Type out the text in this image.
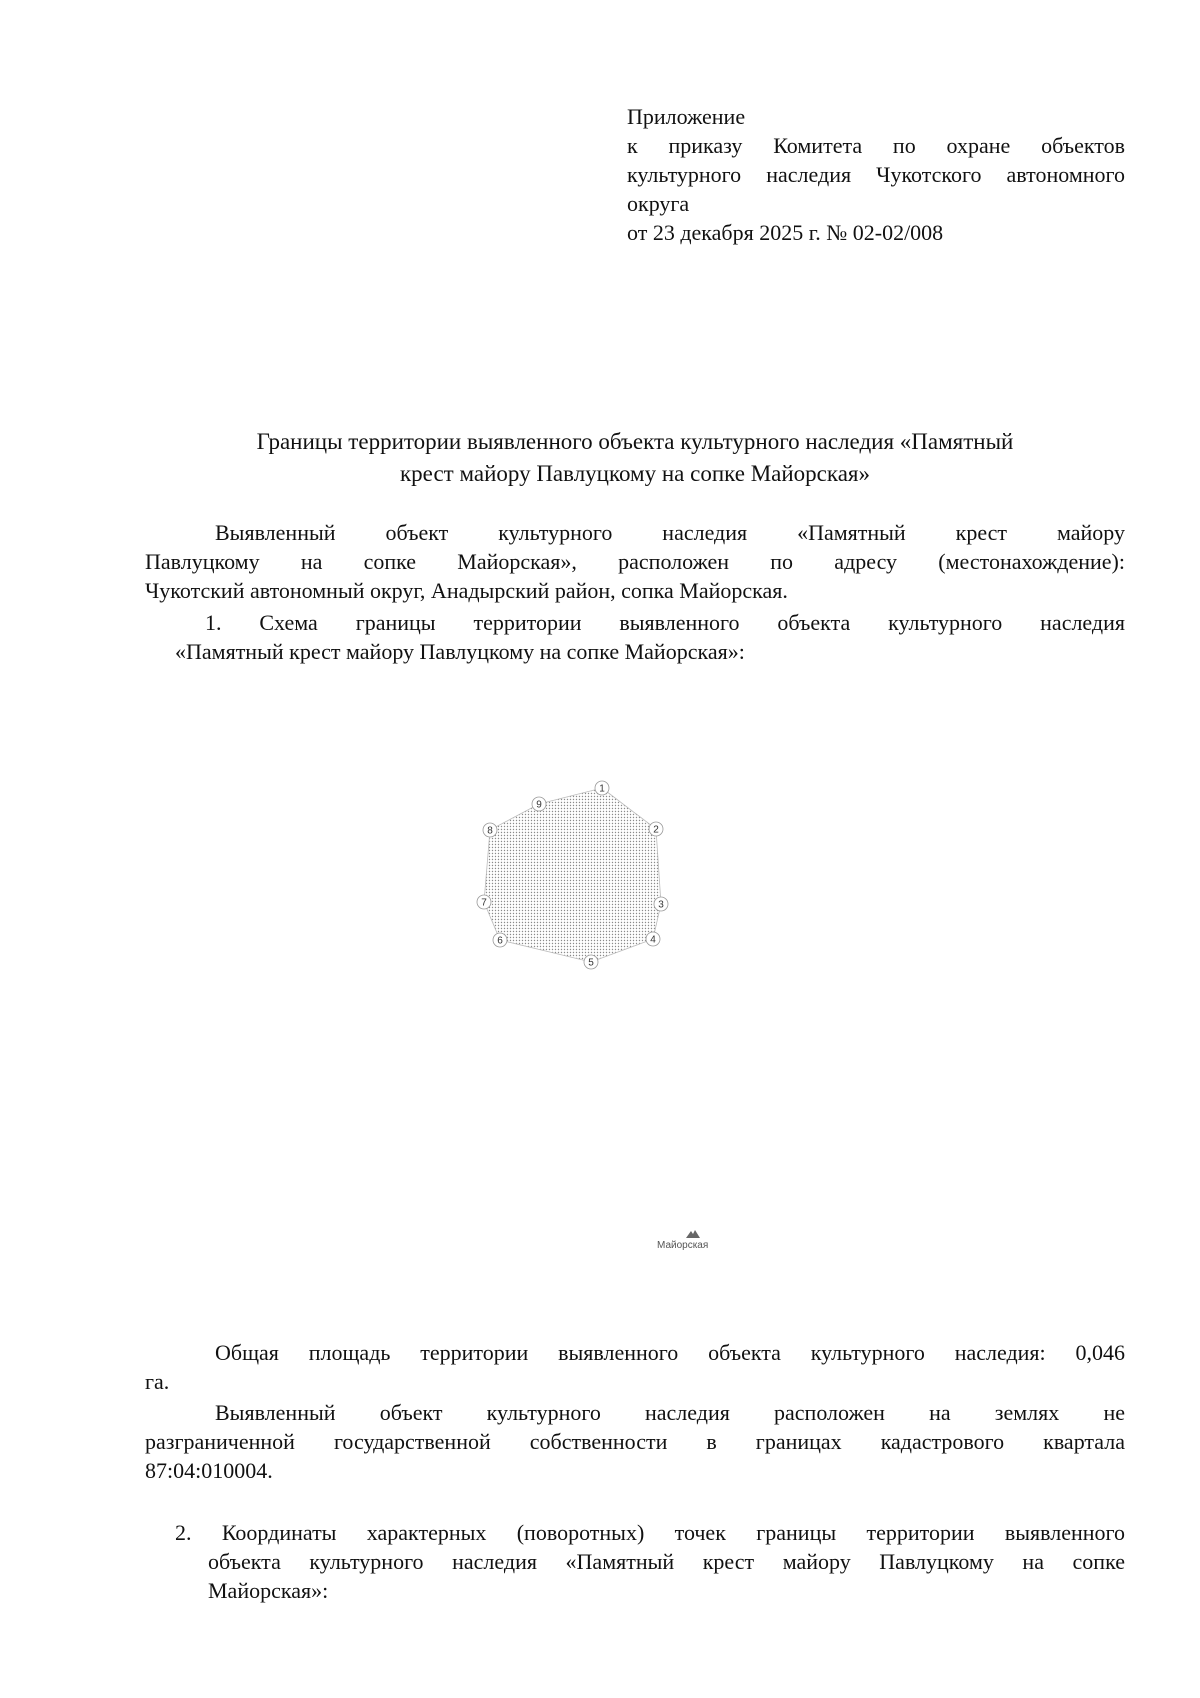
Приложение
к приказу Комитета по охране объектов
культурного наследия Чукотского автономного
округа
от 23 декабря 2025 г. № 02-02/008
Границы территории выявленного объекта культурного наследия «Памятный
крест майору Павлуцкому на сопке Майорская»
Выявленный объект культурного наследия «Памятный крест майору
Павлуцкому на сопке Майорская», расположен по адресу (местонахождение):
Чукотский автономный округ, Анадырский район, сопка Майорская.
1. Схема границы территории выявленного объекта культурного наследия
«Памятный крест майору Павлуцкому на сопке Майорская»:
1
2
3
4
5
6
7
8
9
Майорская
Общая площадь территории выявленного объекта культурного наследия: 0,046
га.
Выявленный объект культурного наследия расположен на землях не
разграниченной государственной собственности в границах кадастрового квартала
87:04:010004.
2. Координаты характерных (поворотных) точек границы территории выявленного
объекта культурного наследия «Памятный крест майору Павлуцкому на сопке
Майорская»:
